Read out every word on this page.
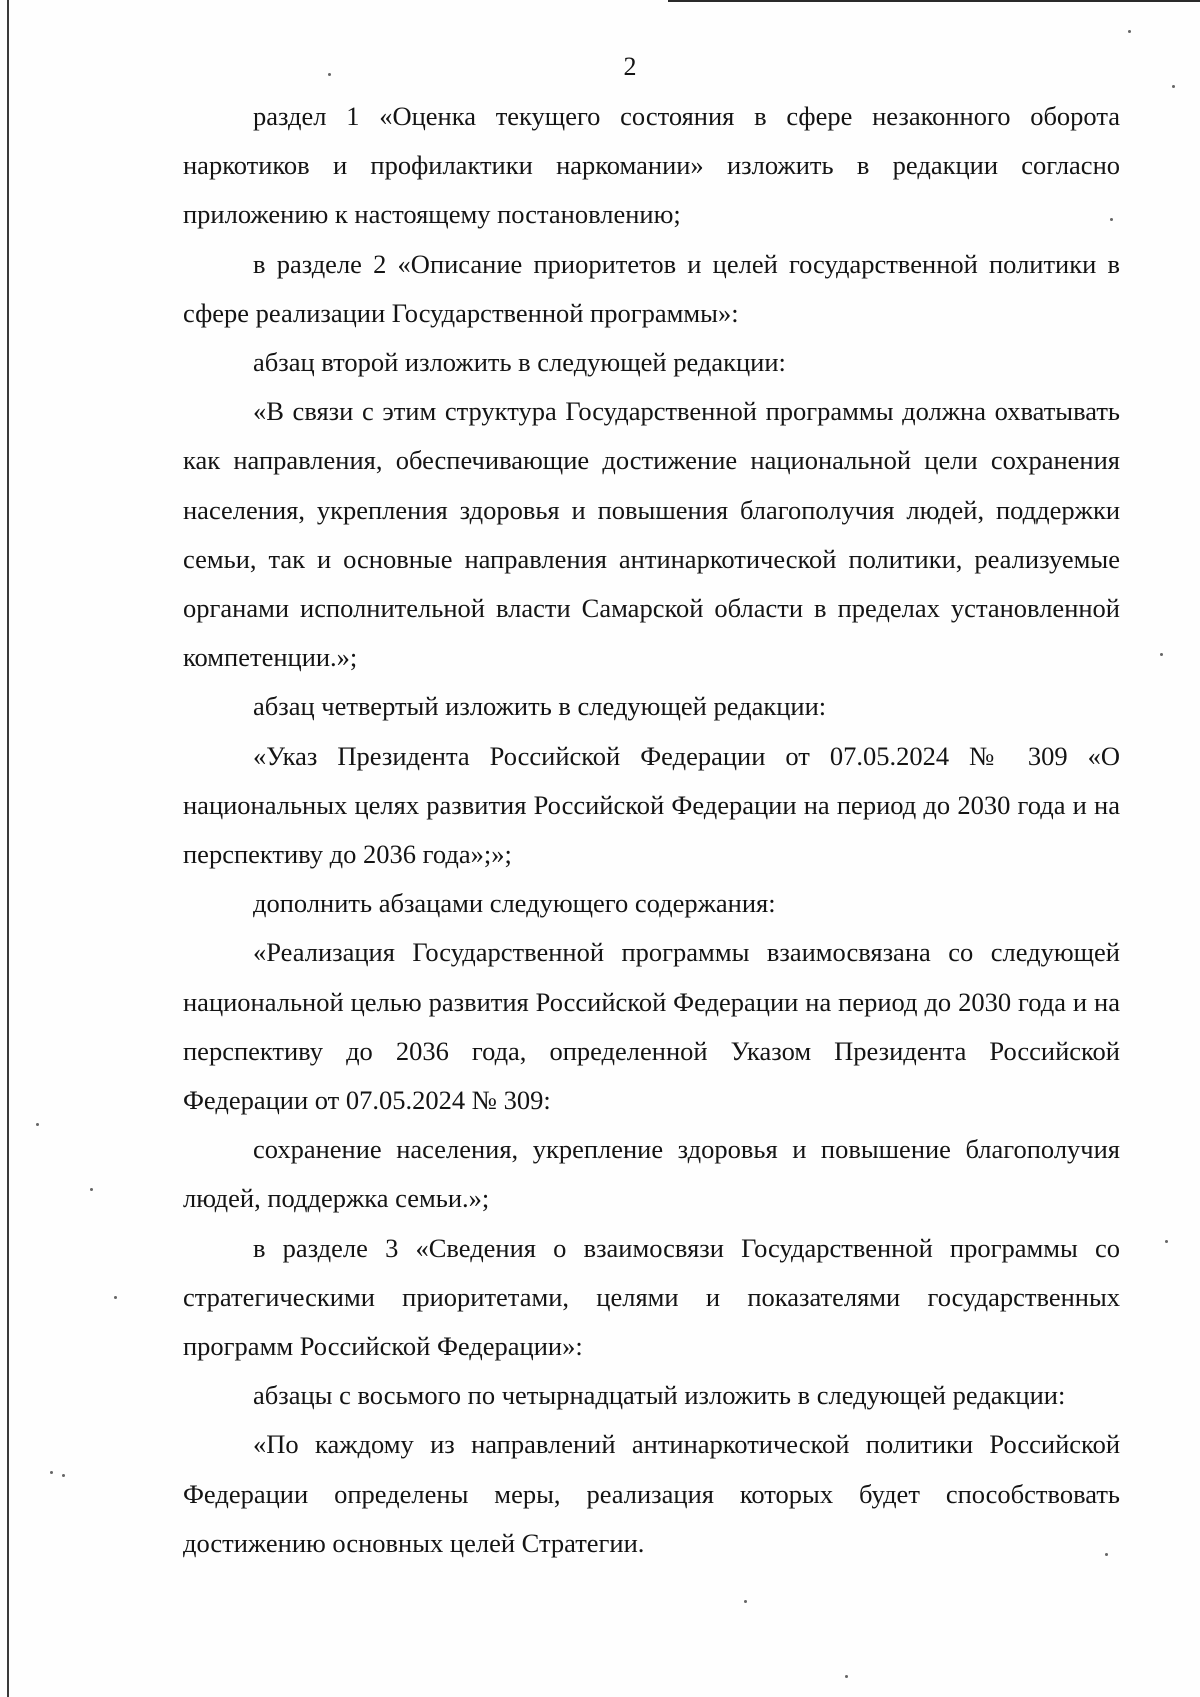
2

раздел 1 «Оценка текущего состояния в сфере незаконного оборота наркотиков и профилактики наркомании» изложить в редакции согласно приложению к настоящему постановлению;

в разделе 2 «Описание приоритетов и целей государственной политики в сфере реализации Государственной программы»:

абзац второй изложить в следующей редакции:

«В связи с этим структура Государственной программы должна охватывать как направления, обеспечивающие достижение национальной цели сохранения населения, укрепления здоровья и повышения благополучия людей, поддержки семьи, так и основные направления антинаркотической политики, реализуемые органами исполнительной власти Самарской области в пределах установленной компетенции.»;

абзац четвертый изложить в следующей редакции:

«Указ Президента Российской Федерации от 07.05.2024 № 309 «О национальных целях развития Российской Федерации на период до 2030 года и на перспективу до 2036 года»;»;

дополнить абзацами следующего содержания:

«Реализация Государственной программы взаимосвязана со следующей национальной целью развития Российской Федерации на период до 2030 года и на перспективу до 2036 года, определенной Указом Президента Российской Федерации от 07.05.2024 № 309:

сохранение населения, укрепление здоровья и повышение благополучия людей, поддержка семьи.»;

в разделе 3 «Сведения о взаимосвязи Государственной программы со стратегическими приоритетами, целями и показателями государственных программ Российской Федерации»:

абзацы с восьмого по четырнадцатый изложить в следующей редакции:

«По каждому из направлений антинаркотической политики Российской Федерации определены меры, реализация которых будет способствовать достижению основных целей Стратегии.
